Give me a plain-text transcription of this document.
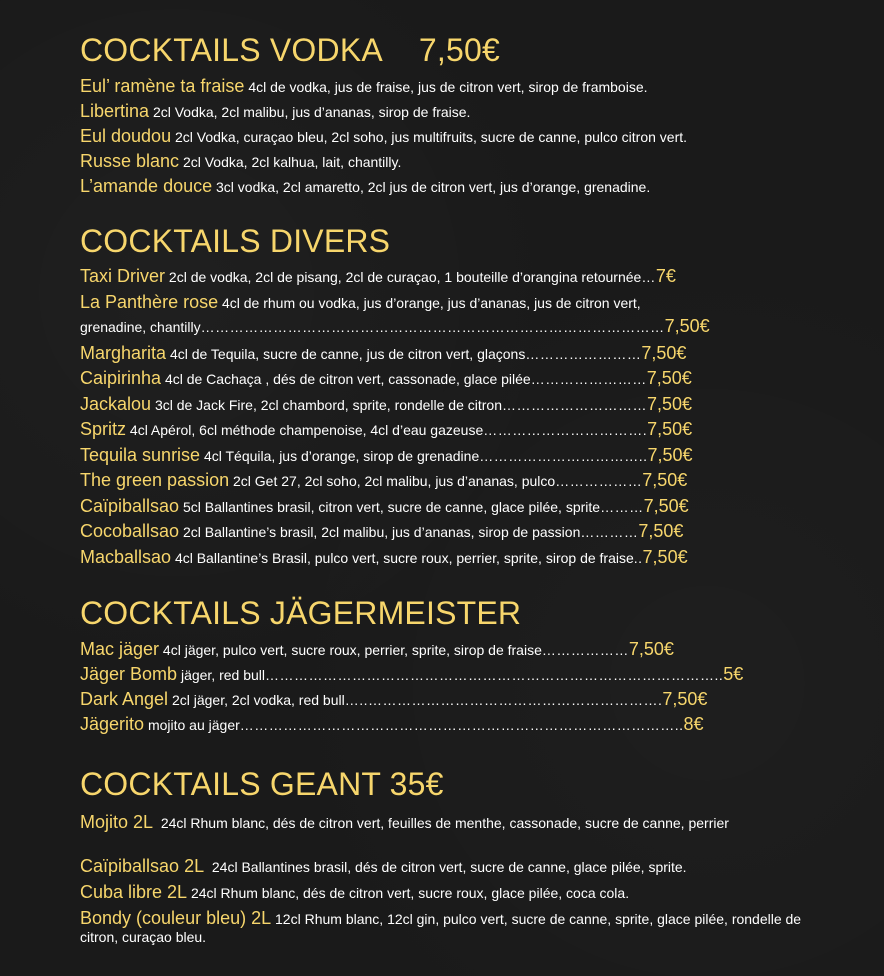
COCKTAILS VODKA 7,50€
Eul’ ramène ta fraise 4cl de vodka, jus de fraise, jus de citron vert, sirop de framboise.
Libertina 2cl Vodka, 2cl malibu, jus d’ananas, sirop de fraise.
Eul doudou 2cl Vodka, curaçao bleu, 2cl soho, jus multifruits, sucre de canne, pulco citron vert.
Russe blanc 2cl Vodka, 2cl kalhua, lait, chantilly.
L’amande douce 3cl vodka, 2cl amaretto, 2cl jus de citron vert, jus d’orange, grenadine.
COCKTAILS DIVERS
Taxi Driver 2cl de vodka, 2cl de pisang, 2cl de curaçao, 1 bouteille d’orangina retournée…7€
La Panthère rose 4cl de rhum ou vodka, jus d’orange, jus d’ananas, jus de citron vert,
grenadine, chantilly……………………………………………………………………………………7,50€
Margharita 4cl de Tequila, sucre de canne, jus de citron vert, glaçons……………………7,50€
Caipirinha 4cl de Cachaça , dés de citron vert, cassonade, glace pilée……………………7,50€
Jackalou 3cl de Jack Fire, 2cl chambord, sprite, rondelle de citron…………………………7,50€
Spritz 4cl Apérol, 6cl méthode champenoise, 4cl d’eau gazeuse…………………………….7,50€
Tequila sunrise 4cl Téquila, jus d’orange, sirop de grenadine……………………………..7,50€
The green passion 2cl Get 27, 2cl soho, 2cl malibu, jus d’ananas, pulco………………7,50€
Caïpiballsao 5cl Ballantines brasil, citron vert, sucre de canne, glace pilée, sprite………7,50€
Cocoballsao 2cl Ballantine’s brasil, 2cl malibu, jus d’ananas, sirop de passion…………7,50€
Macballsao 4cl Ballantine’s Brasil, pulco vert, sucre roux, perrier, sprite, sirop de fraise..7,50€
COCKTAILS JÄGERMEISTER
Mac jäger 4cl jäger, pulco vert, sucre roux, perrier, sprite, sirop de fraise………………7,50€
Jäger Bomb jäger, red bull…………………………………………………………………………………..5€
Dark Angel 2cl jäger, 2cl vodka, red bull…..…………………………………………………….7,50€
Jägerito mojito au jäger………………………………………………………………………………..8€
COCKTAILS GEANT 35€
Mojito 2L 24cl Rhum blanc, dés de citron vert, feuilles de menthe, cassonade, sucre de canne, perrier
Caïpiballsao 2L 24cl Ballantines brasil, dés de citron vert, sucre de canne, glace pilée, sprite.
Cuba libre 2L 24cl Rhum blanc, dés de citron vert, sucre roux, glace pilée, coca cola.
Bondy (couleur bleu) 2L 12cl Rhum blanc, 12cl gin, pulco vert, sucre de canne, sprite, glace pilée, rondelle de citron, curaçao bleu.
